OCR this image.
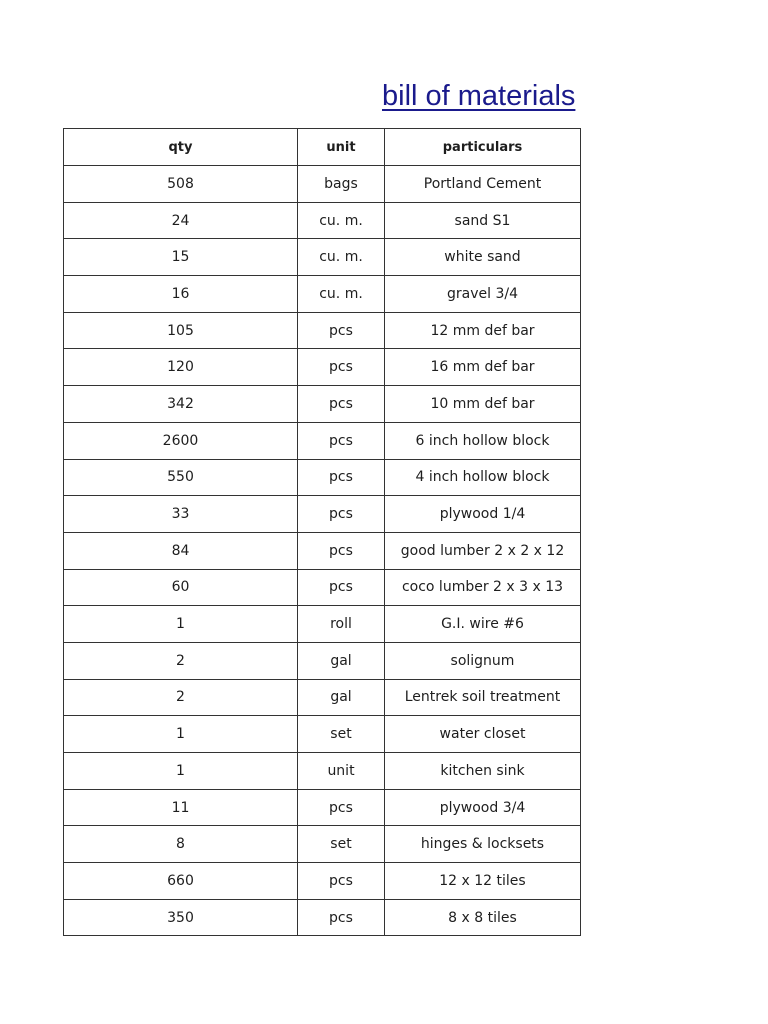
bill of materials
qty	unit	particulars
508	bags	Portland Cement
24	cu. m.	sand S1
15	cu. m.	white sand
16	cu. m.	gravel 3/4
105	pcs	12 mm def bar
120	pcs	16 mm def bar
342	pcs	10 mm def bar
2600	pcs	6 inch hollow block
550	pcs	4 inch hollow block
33	pcs	plywood 1/4
84	pcs	good lumber 2 x 2 x 12
60	pcs	coco lumber 2 x 3 x 13
1	roll	G.I. wire #6
2	gal	solignum
2	gal	Lentrek soil treatment
1	set	water closet
1	unit	kitchen sink
11	pcs	plywood 3/4
8	set	hinges & locksets
660	pcs	12 x 12 tiles
350	pcs	8 x 8 tiles
